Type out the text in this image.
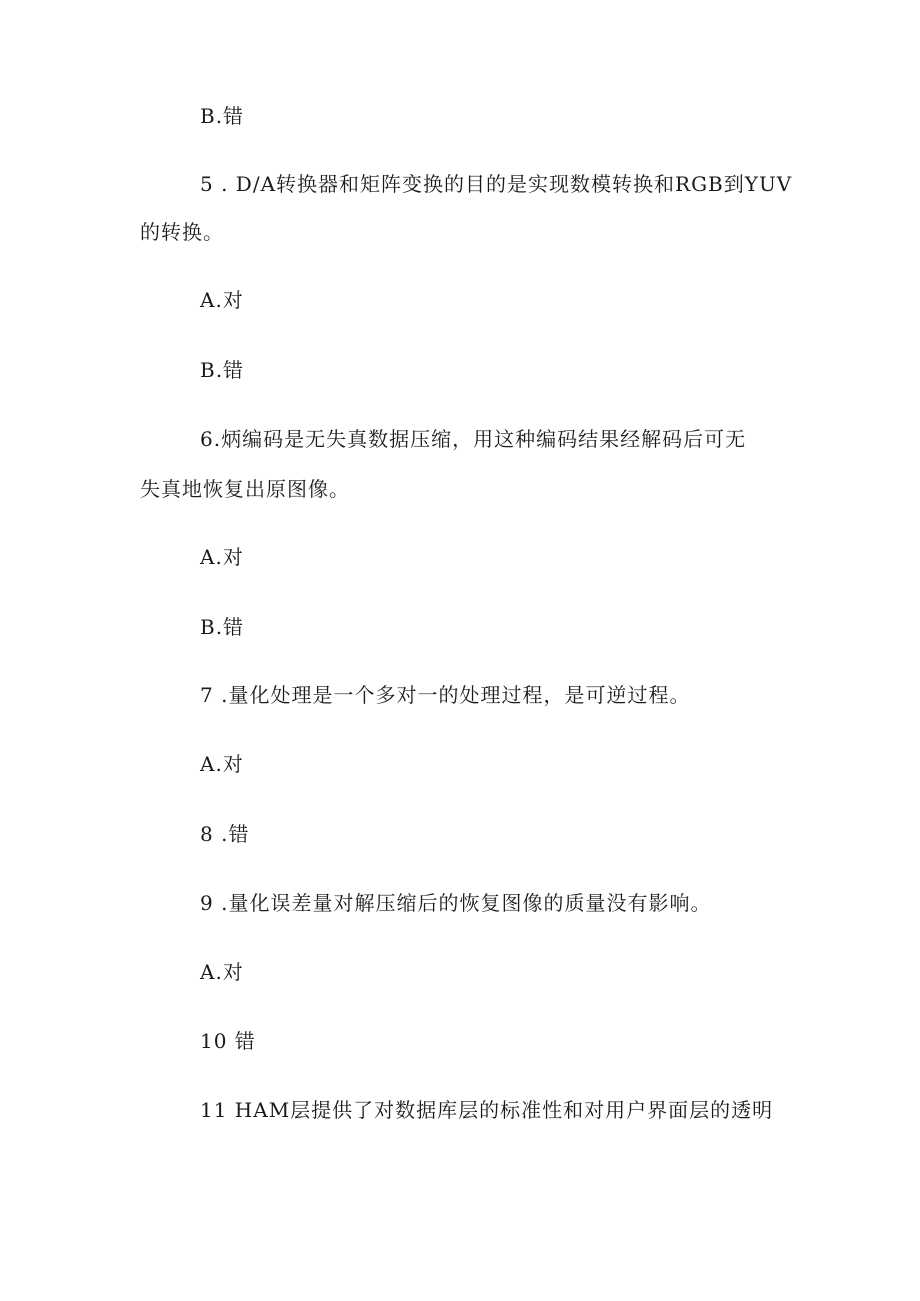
B.错
5 . D/A转换器和矩阵变换的目的是实现数模转换和RGB到YUV
的转换。
A.对
B.错
6.炳编码是无失真数据压缩，用这种编码结果经解码后可无
失真地恢复出原图像。
A.对
B.错
7 .量化处理是一个多对一的处理过程，是可逆过程。
A.对
8 .错
9 .量化误差量对解压缩后的恢复图像的质量没有影响。
A.对
10 错
11 HAM层提供了对数据库层的标准性和对用户界面层的透明
